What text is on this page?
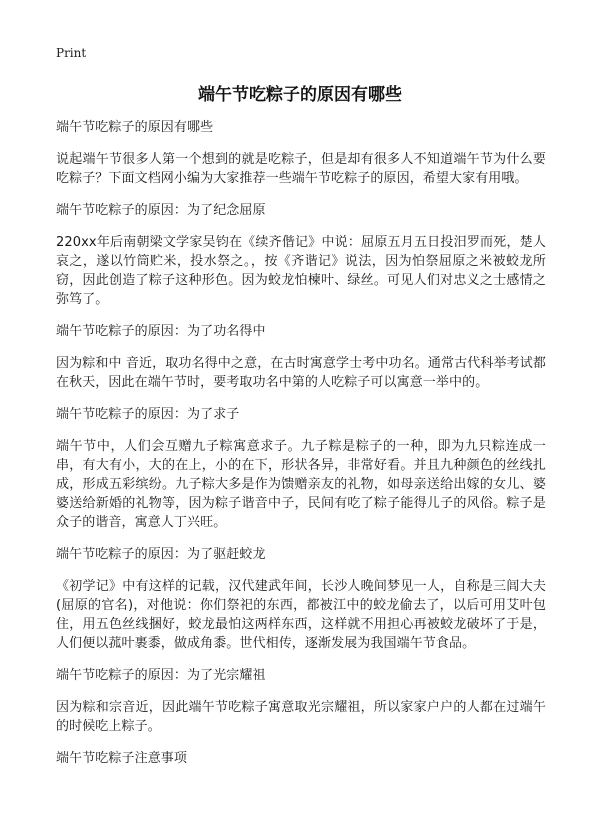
Print
端午节吃粽子的原因有哪些

端午节吃粽子的原因有哪些

说起端午节很多人第一个想到的就是吃粽子，但是却有很多人不知道端午节为什么要吃粽子？下面文档网小编为大家推荐一些端午节吃粽子的原因，希望大家有用哦。

端午节吃粽子的原因：为了纪念屈原

220xx年后南朝梁文学家吴钧在《续齐偕记》中说：屈原五月五日投汨罗而死，楚人哀之，遂以竹筒贮米，投水祭之。，按《齐谐记》说法，因为怕祭屈原之米被蛟龙所窃，因此创造了粽子这种形色。因为蛟龙怕楝叶、绿丝。可见人们对忠义之士感情之弥笃了。

端午节吃粽子的原因：为了功名得中

因为粽和中 音近，取功名得中之意，在古时寓意学士考中功名。通常古代科举考试都在秋天，因此在端午节时，要考取功名中第的人吃粽子可以寓意一举中的。

端午节吃粽子的原因：为了求子

端午节中，人们会互赠九子粽寓意求子。九子粽是粽子的一种，即为九只粽连成一串，有大有小，大的在上，小的在下，形状各异，非常好看。并且九种颜色的丝线扎成，形成五彩缤纷。九子粽大多是作为馈赠亲友的礼物，如母亲送给出嫁的女儿、婆婆送给新婚的礼物等，因为粽子谐音中子，民间有吃了粽子能得儿子的风俗。粽子是众子的谐音，寓意人丁兴旺。

端午节吃粽子的原因：为了驱赶蛟龙

《初学记》中有这样的记载，汉代建武年间，长沙人晚间梦见一人，自称是三闾大夫(屈原的官名)，对他说：你们祭祀的东西，都被江中的蛟龙偷去了，以后可用艾叶包住，用五色丝线捆好，蛟龙最怕这两样东西，这样就不用担心再被蛟龙破坏了于是，人们便以菰叶裹黍，做成角黍。世代相传，逐渐发展为我国端午节食品。

端午节吃粽子的原因：为了光宗耀祖

因为粽和宗音近，因此端午节吃粽子寓意取光宗耀祖，所以家家户户的人都在过端午的时候吃上粽子。

端午节吃粽子注意事项
